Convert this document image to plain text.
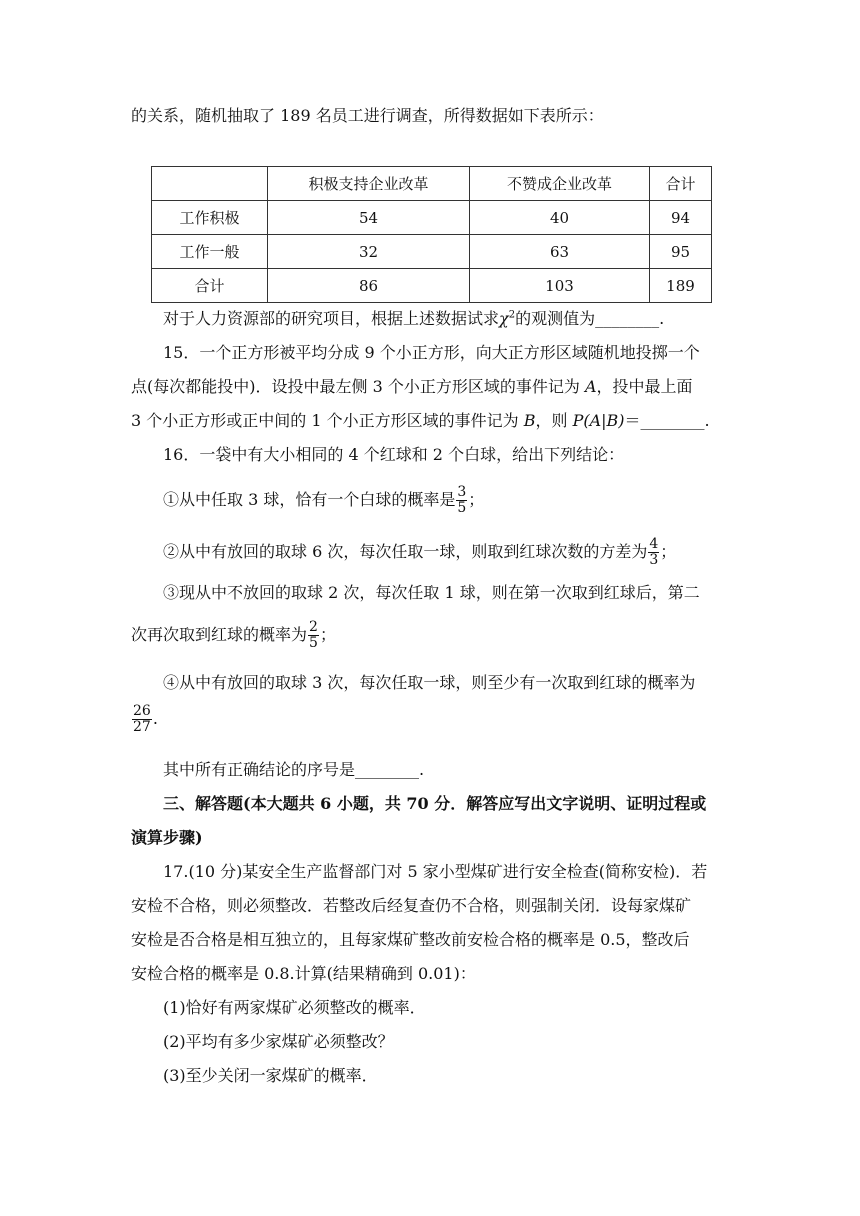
的关系，随机抽取了 189 名员工进行调查，所得数据如下表所示：
	积极支持企业改革	不赞成企业改革	合计
工作积极	54	40	94
工作一般	32	63	95
合计	86	103	189
对于人力资源部的研究项目，根据上述数据试求$\chi^2$的观测值为________.
15．一个正方形被平均分成 9 个小正方形，向大正方形区域随机地投掷一个
点(每次都能投中)．设投中最左侧 3 个小正方形区域的事件记为 A，投中最上面
3 个小正方形或正中间的 1 个小正方形区域的事件记为 B，则 P(A|B)＝________.
16．一袋中有大小相同的 4 个红球和 2 个白球，给出下列结论：
①从中任取 3 球，恰有一个白球的概率是 $\frac{3}{5}$ ；
②从中有放回的取球 6 次，每次任取一球，则取到红球次数的方差为 $\frac{4}{3}$ ；
③现从中不放回的取球 2 次，每次任取 1 球，则在第一次取到红球后，第二
次再次取到红球的概率为 $\frac{2}{5}$ ；
④从中有放回的取球 3 次，每次任取一球，则至少有一次取到红球的概率为
$\frac{26}{27}$ .
其中所有正确结论的序号是________.
三、解答题(本大题共 6 小题，共 70 分．解答应写出文字说明、证明过程或
演算步骤)
17.(10 分)某安全生产监督部门对 5 家小型煤矿进行安全检查(简称安检)．若
安检不合格，则必须整改．若整改后经复查仍不合格，则强制关闭．设每家煤矿
安检是否合格是相互独立的，且每家煤矿整改前安检合格的概率是 0.5，整改后
安检合格的概率是 0.8.计算(结果精确到 0.01)：
(1)恰好有两家煤矿必须整改的概率．
(2)平均有多少家煤矿必须整改？
(3)至少关闭一家煤矿的概率．
